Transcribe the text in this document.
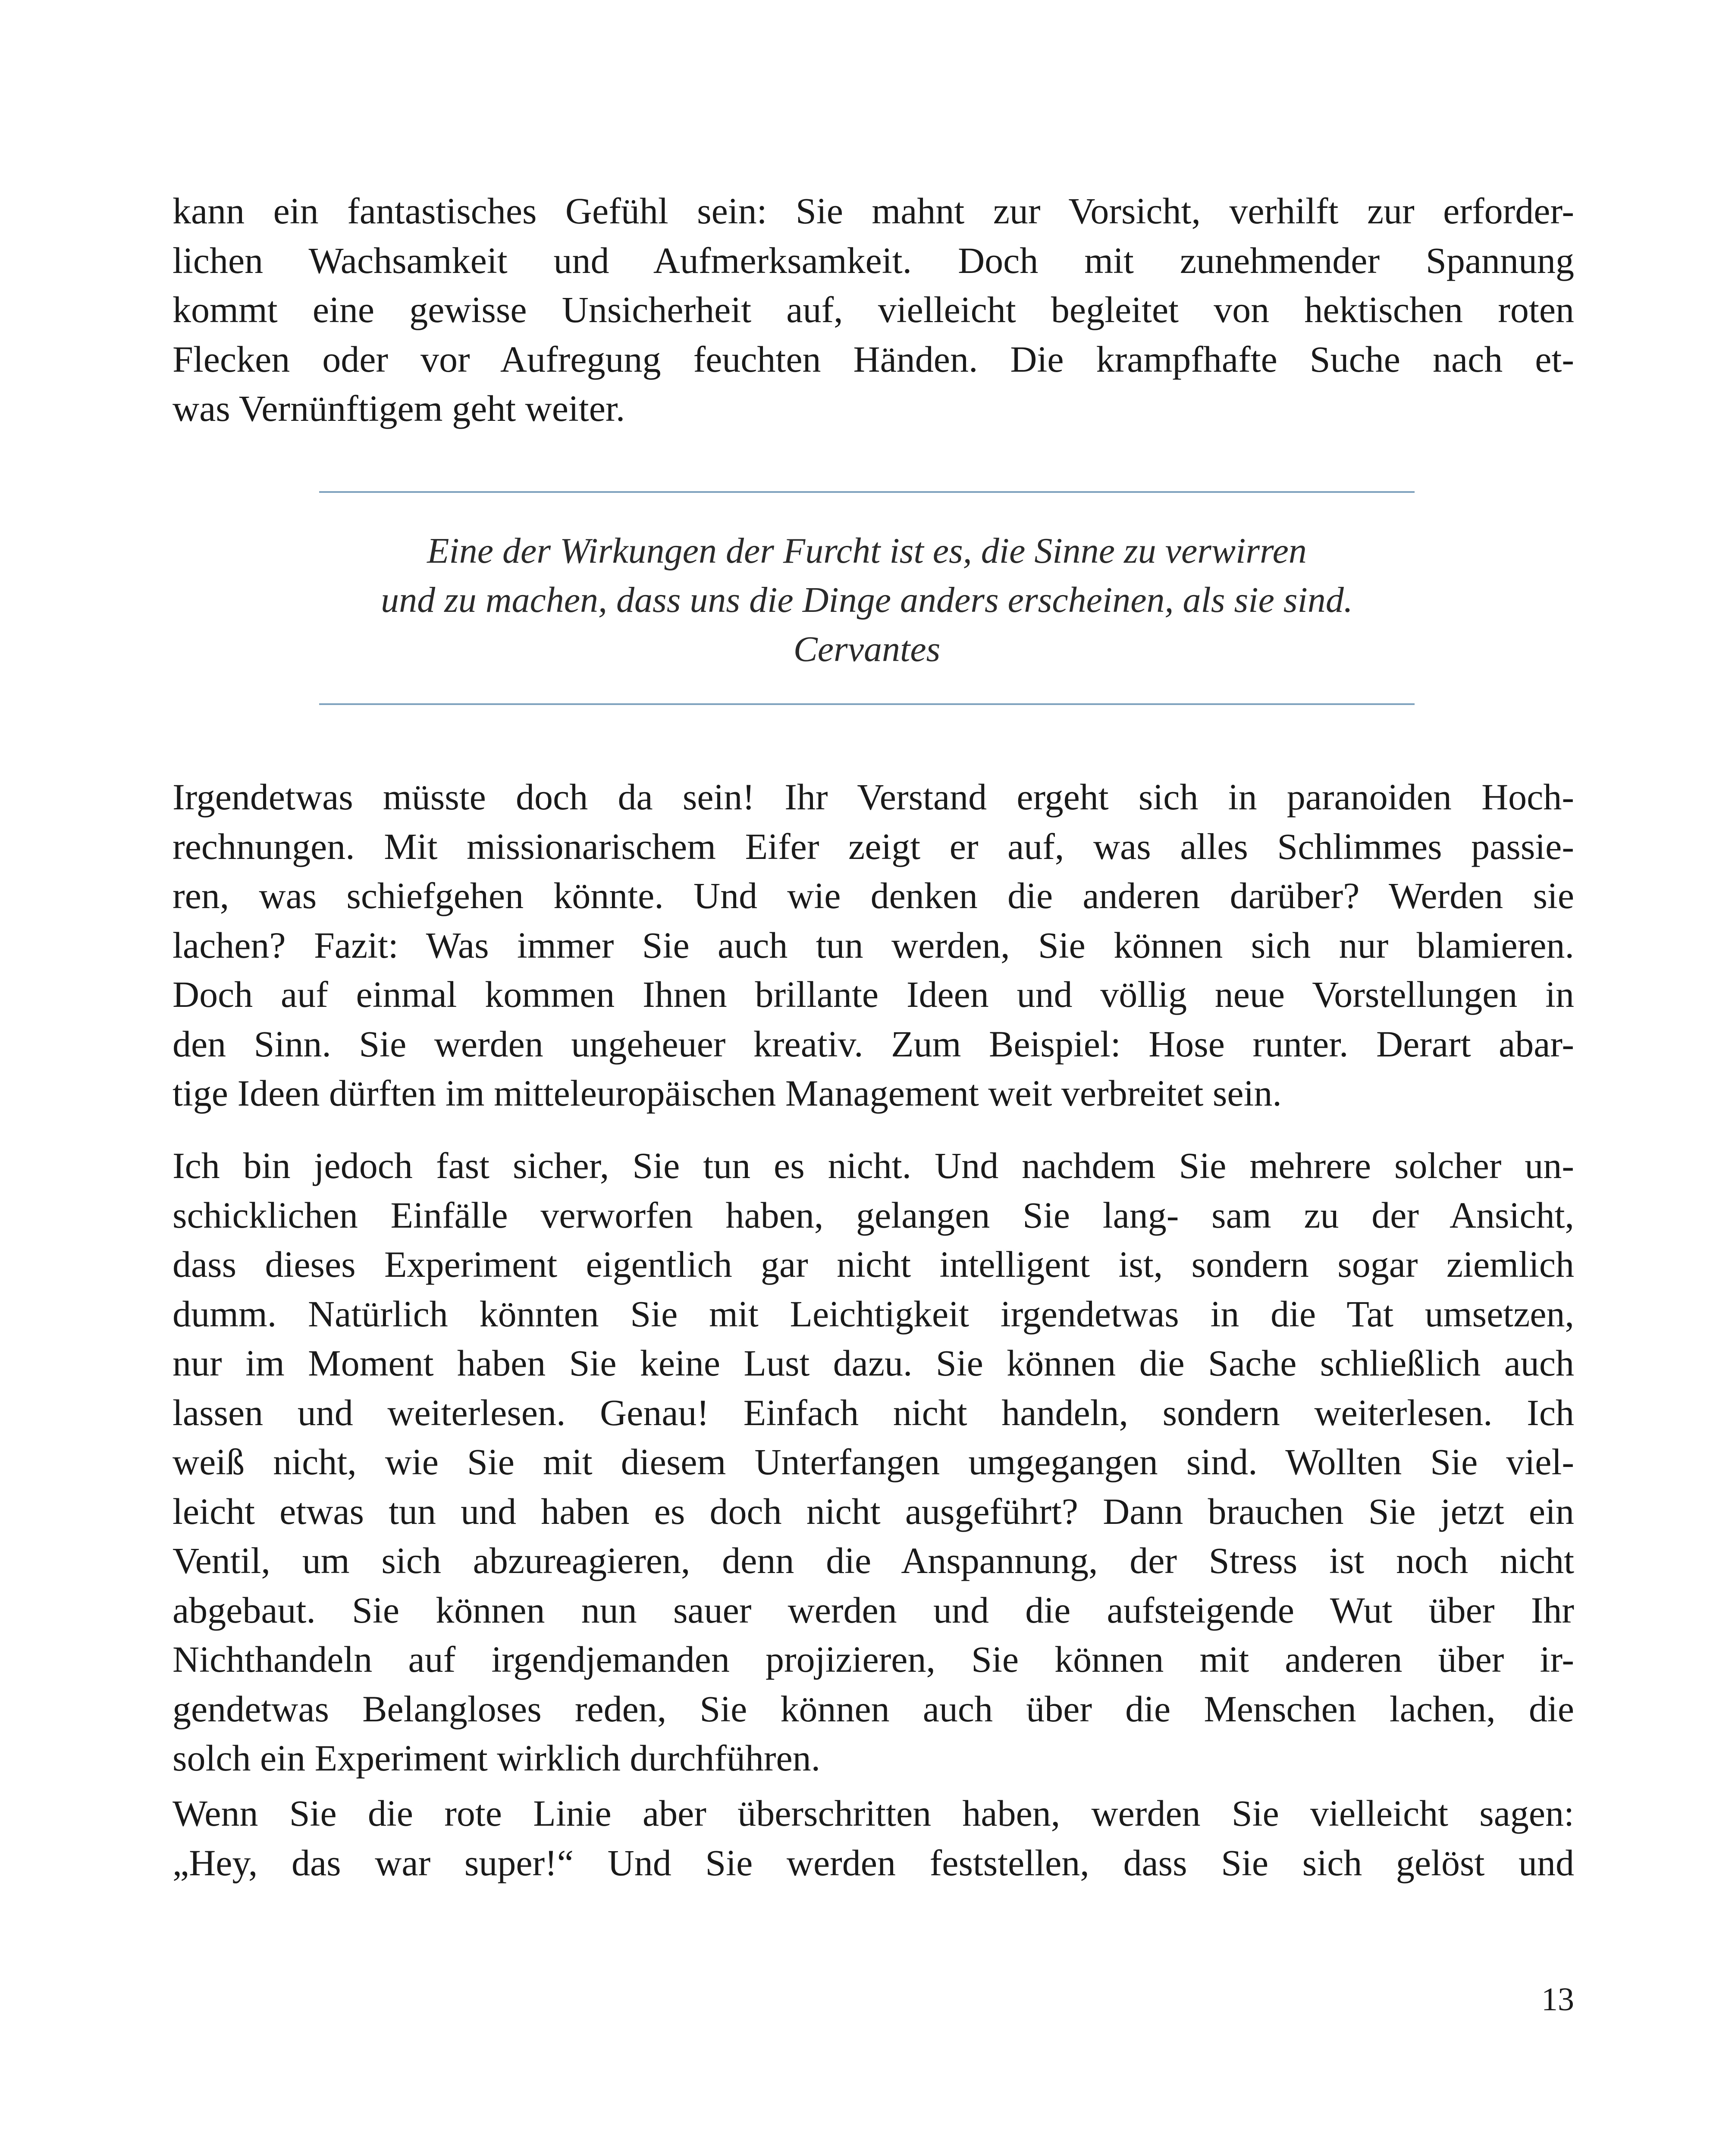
kann ein fantastisches Gefühl sein: Sie mahnt zur Vorsicht, verhilft zur erforder-
lichen Wachsamkeit und Aufmerksamkeit. Doch mit zunehmender Spannung
kommt eine gewisse Unsicherheit auf, vielleicht begleitet von hektischen roten
Flecken oder vor Aufregung feuchten Händen. Die krampfhafte Suche nach et-
was Vernünftigem geht weiter.

Eine der Wirkungen der Furcht ist es, die Sinne zu verwirren
und zu machen, dass uns die Dinge anders erscheinen, als sie sind.
Cervantes

Irgendetwas müsste doch da sein! Ihr Verstand ergeht sich in paranoiden Hoch-
rechnungen. Mit missionarischem Eifer zeigt er auf, was alles Schlimmes passie-
ren, was schiefgehen könnte. Und wie denken die anderen darüber? Werden sie
lachen? Fazit: Was immer Sie auch tun werden, Sie können sich nur blamieren.
Doch auf einmal kommen Ihnen brillante Ideen und völlig neue Vorstellungen in
den Sinn. Sie werden ungeheuer kreativ. Zum Beispiel: Hose runter. Derart abar-
tige Ideen dürften im mitteleuropäischen Management weit verbreitet sein.

Ich bin jedoch fast sicher, Sie tun es nicht. Und nachdem Sie mehrere solcher un-
schicklichen Einfälle verworfen haben, gelangen Sie lang- sam zu der Ansicht,
dass dieses Experiment eigentlich gar nicht intelligent ist, sondern sogar ziemlich
dumm. Natürlich könnten Sie mit Leichtigkeit irgendetwas in die Tat umsetzen,
nur im Moment haben Sie keine Lust dazu. Sie können die Sache schließlich auch
lassen und weiterlesen. Genau! Einfach nicht handeln, sondern weiterlesen. Ich
weiß nicht, wie Sie mit diesem Unterfangen umgegangen sind. Wollten Sie viel-
leicht etwas tun und haben es doch nicht ausgeführt? Dann brauchen Sie jetzt ein
Ventil, um sich abzureagieren, denn die Anspannung, der Stress ist noch nicht
abgebaut. Sie können nun sauer werden und die aufsteigende Wut über Ihr
Nichthandeln auf irgendjemanden projizieren, Sie können mit anderen über ir-
gendetwas Belangloses reden, Sie können auch über die Menschen lachen, die
solch ein Experiment wirklich durchführen.

Wenn Sie die rote Linie aber überschritten haben, werden Sie vielleicht sagen:
„Hey, das war super!“ Und Sie werden feststellen, dass Sie sich gelöst und

13
